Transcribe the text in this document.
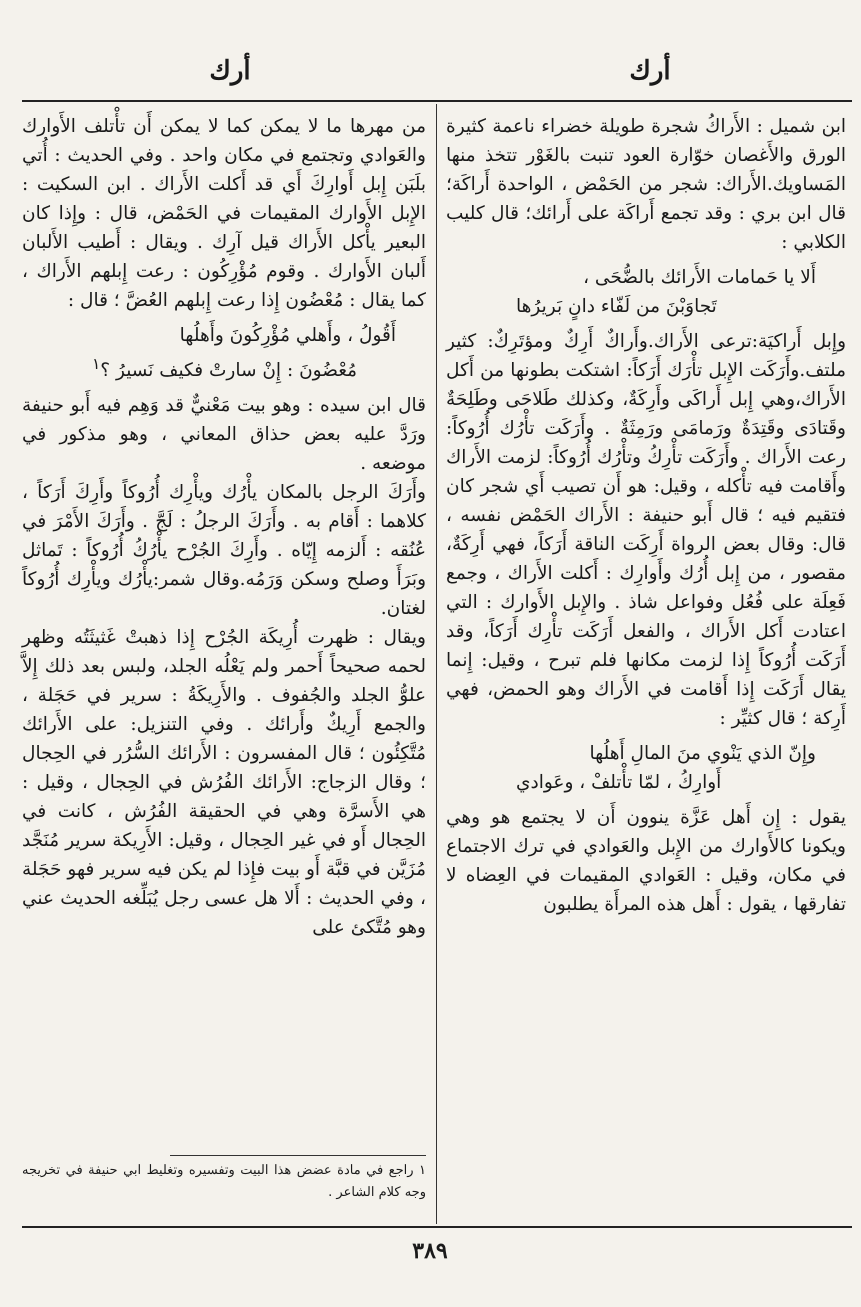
أرك
أرك

ابن شميل : الأَراكُ شجرة طويلة خضراء ناعمة كثيرة الورق والأَغصان خوّارة العود تنبت بالغَوْر تتخذ منها المَساويك.الأَراك: شجر من الحَمْض ، الواحدة أَراكَة؛ قال ابن بري : وقد تجمع أَراكَة على أَرائك؛ قال كليب الكلابي :

أَلا يا حَمامات الأَرائك بالضُّحَى ،
تَجاوَبْنَ من لَفّاء دانٍ بَريرُها

وإِبل أَراكيَة:ترعى الأَراك.وأَراكٌ أَرِكٌ ومؤتَرِكٌ: كثير ملتف.وأَرَكَت الإِبل تأْرَك أَرَكاً: اشتكت بطونها من أَكل الأَراك،وهي إِبل أَراكَى وأَرِكَةٌ، وكذلك طَلاحَى وطَلِحَةٌ وقَتادَى وقَتِدَةٌ ورَمامَى ورَمِثَةٌ . وأَرَكَت تأْرُك أُرُوكاً: رعت الأَراك . وأَرَكَت تأْرِكُ وتأْرُك أُرُوكاً: لزمت الأَراك وأَقامت فيه تأْكله ، وقيل: هو أَن تصيب أَي شجر كان فتقيم فيه ؛ قال أَبو حنيفة : الأَراك الحَمْض نفسه ، قال: وقال بعض الرواة أَرِكَت الناقة أَرَكاً، فهي أَرِكَةٌ، مقصور ، من إِبل أُرُك وأَوارِك : أَكلت الأَراك ، وجمع فَعِلَة على فُعُل وفواعل شاذ . والإِبل الأَوارك : التي اعتادت أَكل الأَراك ، والفعل أَرَكَت تأْرِك أَرَكاً، وقد أَرَكَت أُرُوكاً إِذا لزمت مكانها فلم تبرح ، وقيل: إِنما يقال أَرَكَت إِذا أَقامت في الأَراك وهو الحمض، فهي أَرِكة ؛ قال كثيِّر :

وإِنّ الذي يَنْوي منَ المالِ أَهلُها
أَوارِكُ ، لمّا تأْتلفْ ، وعَوادي

يقول : إِن أَهل عَزَّة ينوون أَن لا يجتمع هو وهي ويكونا كالأَوارك من الإِبل والعَوادي في ترك الاجتماع في مكان، وقيل : العَوادي المقيمات في العِضاه لا تفارقها ، يقول : أَهل هذه المرأَة يطلبون

من مهرها ما لا يمكن كما لا يمكن أَن تأْتلف الأَوارك والعَوادي وتجتمع في مكان واحد . وفي الحديث : أُتي بلَبَن إِبل أَوارِكَ أَي قد أَكلت الأَراك . ابن السكيت : الإِبل الأَوارك المقيمات في الحَمْض، قال : وإِذا كان البعير يأْكل الأَراك قيل آرِك . ويقال : أَطيب الأَلبان أَلبان الأَوارك . وقوم مُؤْرِكُون : رعت إِبلهم الأَراك ، كما يقال : مُعْضُون إِذا رعت إِبلهم العُضَّ ؛ قال :

أَقُولُ ، وأَهلي مُؤْرِكُونَ وأَهلُها
مُعْضُونَ : إِنْ سارتْ فكيف نَسيرُ ؟$^١$

قال ابن سيده : وهو بيت مَعْنيٌّ قد وَهِم فيه أَبو حنيفة ورَدَّ عليه بعض حذاق المعاني ، وهو مذكور في موضعه .

وأَرَكَ الرجل بالمكان يأْرُك ويأْرِك أُرُوكاً وأَرِكَ أَرَكاً ، كلاهما : أَقام به . وأَرَكَ الرجلُ : لَجَّ . وأَرَكَ الأَمْرَ في عُنُقه : أَلزمه إِيّاه . وأَرِكَ الجُرْح يأْرُكُ أُرُوكاً : تَماثل وبَرَأَ وصلح وسكن وَرَمُه.وقال شمر:يأْرُك ويأْرِك أُرُوكاً لغتان.

ويقال : ظهرت أُرِيكَة الجُرْح إِذا ذهبتْ غَثيثَتُه وظهر لحمه صحيحاً أَحمر ولم يَعْلُه الجلد، ولبس بعد ذلك إِلاَّ علوُّ الجلد والجُفوف . والأَرِيكَةُ : سرير في حَجَلة ، والجمع أَرِيكٌ وأَرائك . وفي التنزيل: على الأَرائك مُتَّكِئُون ؛ قال المفسرون : الأَرائك السُّرُر في الحِجال ؛ وقال الزجاج: الأَرائك الفُرُش في الحِجال ، وقيل : هي الأَسرَّة وهي في الحقيقة الفُرُش ، كانت في الحِجال أَو في غير الحِجال ، وقيل: الأَرِيكة سرير مُنَجَّد مُزَيَّن في قبَّة أَو بيت فإِذا لم يكن فيه سرير فهو حَجَلة ، وفي الحديث : أَلا هل عسى رجل يُبَلِّغه الحديث عني وهو مُتَّكئ على

١ راجع في مادة عضض هذا البيت وتفسيره وتغليط ابي حنيفة في تخريجه وجه كلام الشاعر .
٣٨٩
